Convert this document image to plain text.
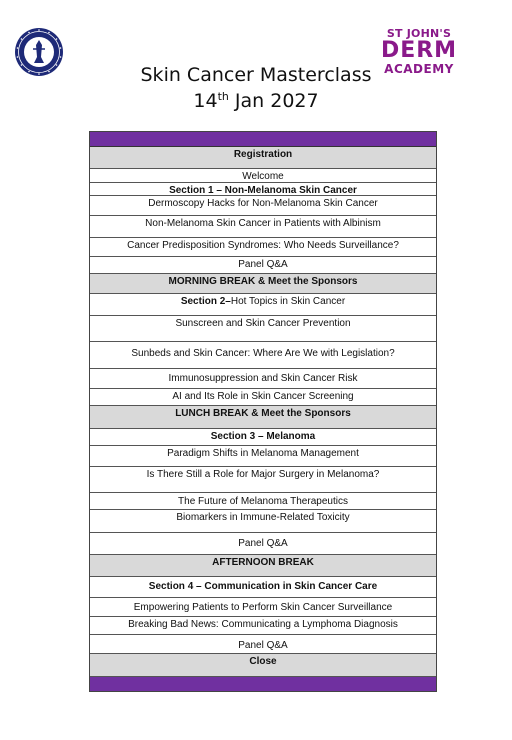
ST JOHN'S
DERM
ACADEMY
Skin Cancer Masterclass
14th Jan 2027
Registration
Welcome
Section 1 – Non-Melanoma Skin Cancer
Dermoscopy Hacks for Non-Melanoma Skin Cancer
Non-Melanoma Skin Cancer in Patients with Albinism
Cancer Predisposition Syndromes: Who Needs Surveillance?
Panel Q&A
MORNING BREAK & Meet the Sponsors
Section 2– Hot Topics in Skin Cancer
Sunscreen and Skin Cancer Prevention
Sunbeds and Skin Cancer: Where Are We with Legislation?
Immunosuppression and Skin Cancer Risk
AI and Its Role in Skin Cancer Screening
LUNCH BREAK & Meet the Sponsors
Section 3 – Melanoma
Paradigm Shifts in Melanoma Management
Is There Still a Role for Major Surgery in Melanoma?
The Future of Melanoma Therapeutics
Biomarkers in Immune-Related Toxicity
Panel Q&A
AFTERNOON BREAK
Section 4 – Communication in Skin Cancer Care
Empowering Patients to Perform Skin Cancer Surveillance
Breaking Bad News: Communicating a Lymphoma Diagnosis
Panel Q&A
Close
